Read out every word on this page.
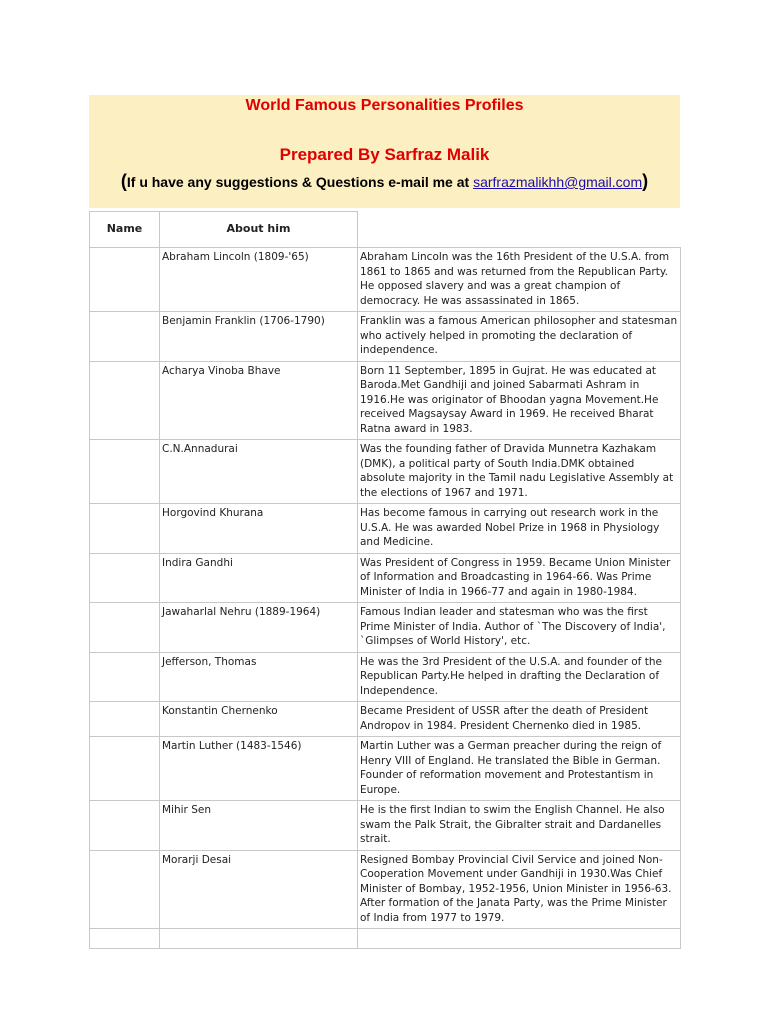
World Famous Personalities Profiles
Prepared By Sarfraz Malik
(If u have any suggestions & Questions e-mail me at sarfrazmalikhh@gmail.com)
Name	About him	
	Abraham Lincoln (1809-'65)	Abraham Lincoln was the 16th President of the U.S.A. from 1861 to 1865 and was returned from the Republican Party. He opposed slavery and was a great champion of democracy. He was assassinated in 1865.
	Benjamin Franklin (1706-1790)	Franklin was a famous American philosopher and statesman who actively helped in promoting the declaration of independence.
	Acharya Vinoba Bhave	Born 11 September, 1895 in Gujrat. He was educated at Baroda.Met Gandhiji and joined Sabarmati Ashram in 1916.He was originator of Bhoodan yagna Movement.He received Magsaysay Award in 1969. He received Bharat Ratna award in 1983.
	C.N.Annadurai	Was the founding father of Dravida Munnetra Kazhakam (DMK), a political party of South India.DMK obtained absolute majority in the Tamil nadu Legislative Assembly at the elections of 1967 and 1971.
	Horgovind Khurana	Has become famous in carrying out research work in the U.S.A. He was awarded Nobel Prize in 1968 in Physiology and Medicine.
	Indira Gandhi	Was President of Congress in 1959. Became Union Minister of Information and Broadcasting in 1964-66. Was Prime Minister of India in 1966-77 and again in 1980-1984.
	Jawaharlal Nehru (1889-1964)	Famous Indian leader and statesman who was the first Prime Minister of India. Author of `The Discovery of India', `Glimpses of World History', etc.
	Jefferson, Thomas	He was the 3rd President of the U.S.A. and founder of the Republican Party.He helped in drafting the Declaration of Independence.
	Konstantin Chernenko	Became President of USSR after the death of President Andropov in 1984. President Chernenko died in 1985.
	Martin Luther (1483-1546)	Martin Luther was a German preacher during the reign of Henry VIII of England. He translated the Bible in German. Founder of reformation movement and Protestantism in Europe.
	Mihir Sen	He is the first Indian to swim the English Channel. He also swam the Palk Strait, the Gibralter strait and Dardanelles strait.
	Morarji Desai	Resigned Bombay Provincial Civil Service and joined Non-Cooperation Movement under Gandhiji in 1930.Was Chief Minister of Bombay, 1952-1956, Union Minister in 1956-63. After formation of the Janata Party, was the Prime Minister of India from 1977 to 1979.
